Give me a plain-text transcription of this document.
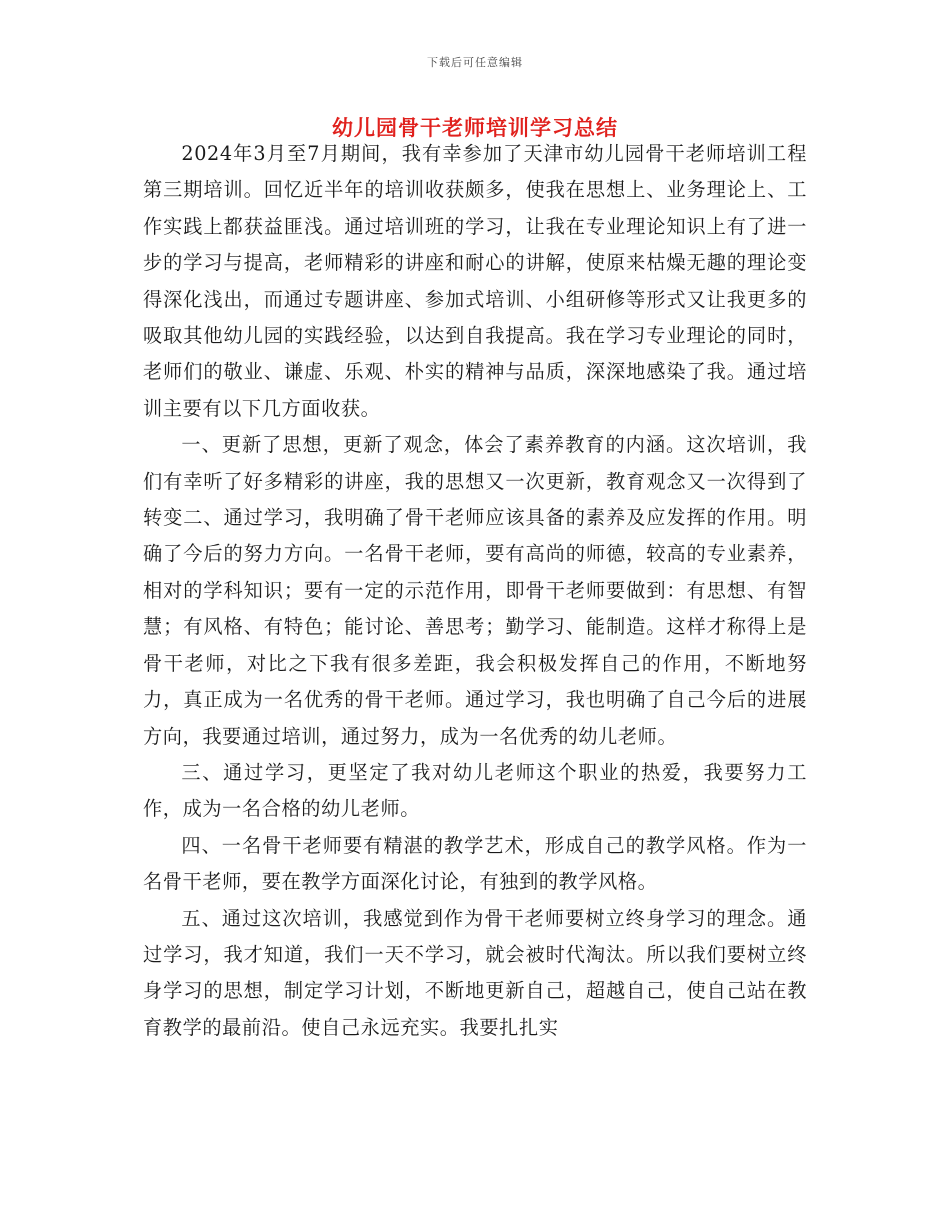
下载后可任意编辑
幼儿园骨干老师培训学习总结

2024年3月至7月期间，我有幸参加了天津市幼儿园骨干老师培训工程第三期培训。回忆近半年的培训收获颇多，使我在思想上、业务理论上、工作实践上都获益匪浅。通过培训班的学习，让我在专业理论知识上有了进一步的学习与提高，老师精彩的讲座和耐心的讲解，使原来枯燥无趣的理论变得深化浅出，而通过专题讲座、参加式培训、小组研修等形式又让我更多的吸取其他幼儿园的实践经验，以达到自我提高。我在学习专业理论的同时，老师们的敬业、谦虚、乐观、朴实的精神与品质，深深地感染了我。通过培训主要有以下几方面收获。

一、更新了思想，更新了观念，体会了素养教育的内涵。这次培训，我们有幸听了好多精彩的讲座，我的思想又一次更新，教育观念又一次得到了转变二、通过学习，我明确了骨干老师应该具备的素养及应发挥的作用。明确了今后的努力方向。一名骨干老师，要有高尚的师德，较高的专业素养，相对的学科知识；要有一定的示范作用，即骨干老师要做到：有思想、有智慧；有风格、有特色；能讨论、善思考；勤学习、能制造。这样才称得上是骨干老师，对比之下我有很多差距，我会积极发挥自己的作用，不断地努力，真正成为一名优秀的骨干老师。通过学习，我也明确了自己今后的进展方向，我要通过培训，通过努力，成为一名优秀的幼儿老师。

三、通过学习，更坚定了我对幼儿老师这个职业的热爱，我要努力工作，成为一名合格的幼儿老师。

四、一名骨干老师要有精湛的教学艺术，形成自己的教学风格。作为一名骨干老师，要在教学方面深化讨论，有独到的教学风格。

五、通过这次培训，我感觉到作为骨干老师要树立终身学习的理念。通过学习，我才知道，我们一天不学习，就会被时代淘汰。所以我们要树立终身学习的思想，制定学习计划，不断地更新自己，超越自己，使自己站在教育教学的最前沿。使自己永远充实。我要扎扎实
